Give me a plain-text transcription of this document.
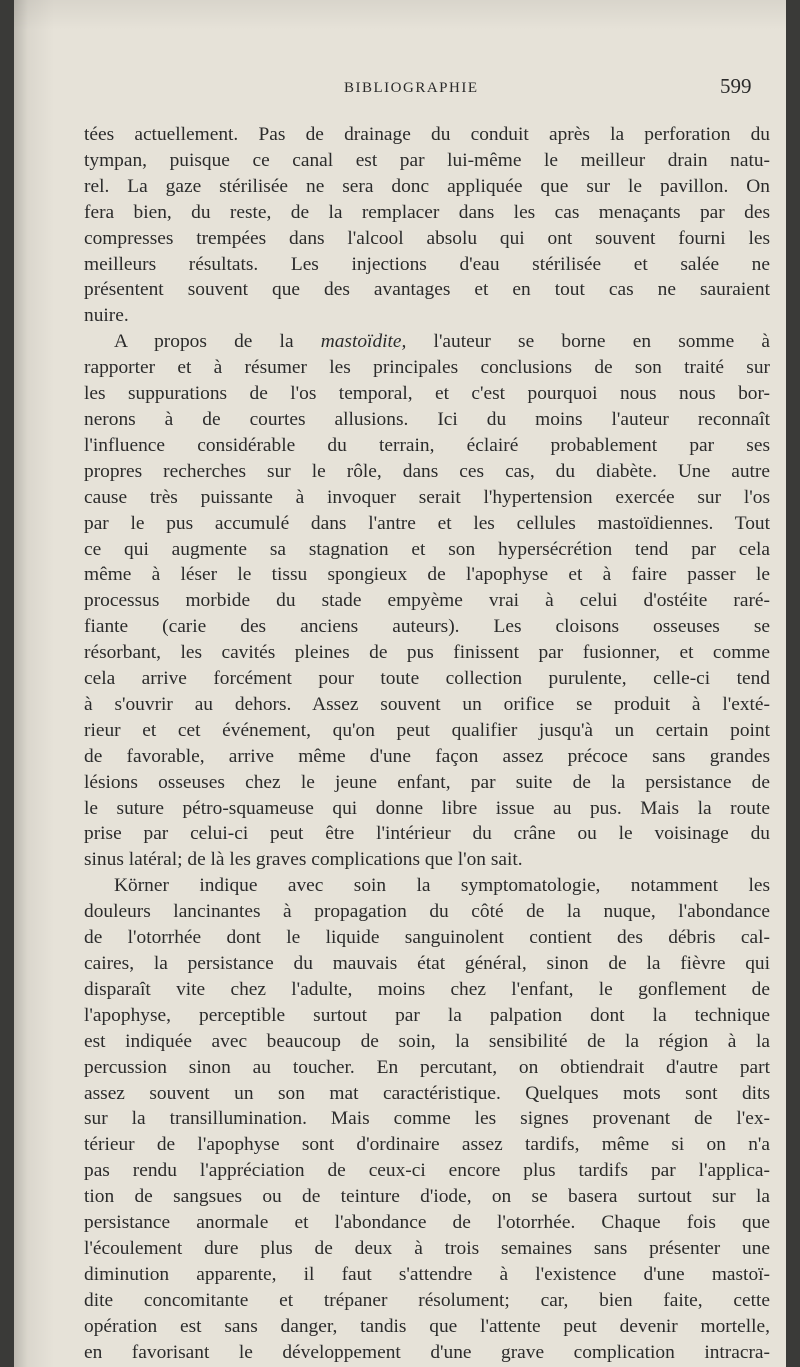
BIBLIOGRAPHIE	599
tées actuellement. Pas de drainage du conduit après la perforation du
tympan, puisque ce canal est par lui-même le meilleur drain natu-
rel. La gaze stérilisée ne sera donc appliquée que sur le pavillon. On
fera bien, du reste, de la remplacer dans les cas menaçants par des
compresses trempées dans l'alcool absolu qui ont souvent fourni les
meilleurs résultats. Les injections d'eau stérilisée et salée ne
présentent souvent que des avantages et en tout cas ne sauraient
nuire.
A propos de la mastoïdite, l'auteur se borne en somme à
rapporter et à résumer les principales conclusions de son traité sur
les suppurations de l'os temporal, et c'est pourquoi nous nous bor-
nerons à de courtes allusions. Ici du moins l'auteur reconnaît
l'influence considérable du terrain, éclairé probablement par ses
propres recherches sur le rôle, dans ces cas, du diabète. Une autre
cause très puissante à invoquer serait l'hypertension exercée sur l'os
par le pus accumulé dans l'antre et les cellules mastoïdiennes. Tout
ce qui augmente sa stagnation et son hypersécrétion tend par cela
même à léser le tissu spongieux de l'apophyse et à faire passer le
processus morbide du stade empyème vrai à celui d'ostéite raré-
fiante (carie des anciens auteurs). Les cloisons osseuses se
résorbant, les cavités pleines de pus finissent par fusionner, et comme
cela arrive forcément pour toute collection purulente, celle-ci tend
à s'ouvrir au dehors. Assez souvent un orifice se produit à l'exté-
rieur et cet événement, qu'on peut qualifier jusqu'à un certain point
de favorable, arrive même d'une façon assez précoce sans grandes
lésions osseuses chez le jeune enfant, par suite de la persistance de
le suture pétro-squameuse qui donne libre issue au pus. Mais la route
prise par celui-ci peut être l'intérieur du crâne ou le voisinage du
sinus latéral; de là les graves complications que l'on sait.
Körner indique avec soin la symptomatologie, notamment les
douleurs lancinantes à propagation du côté de la nuque, l'abondance
de l'otorrhée dont le liquide sanguinolent contient des débris cal-
caires, la persistance du mauvais état général, sinon de la fièvre qui
disparaît vite chez l'adulte, moins chez l'enfant, le gonflement de
l'apophyse, perceptible surtout par la palpation dont la technique
est indiquée avec beaucoup de soin, la sensibilité de la région à la
percussion sinon au toucher. En percutant, on obtiendrait d'autre part
assez souvent un son mat caractéristique. Quelques mots sont dits
sur la transillumination. Mais comme les signes provenant de l'ex-
térieur de l'apophyse sont d'ordinaire assez tardifs, même si on n'a
pas rendu l'appréciation de ceux-ci encore plus tardifs par l'applica-
tion de sangsues ou de teinture d'iode, on se basera surtout sur la
persistance anormale et l'abondance de l'otorrhée. Chaque fois que
l'écoulement dure plus de deux à trois semaines sans présenter une
diminution apparente, il faut s'attendre à l'existence d'une mastoï-
dite concomitante et trépaner résolument; car, bien faite, cette
opération est sans danger, tandis que l'attente peut devenir mortelle,
en favorisant le développement d'une grave complication intracra-
